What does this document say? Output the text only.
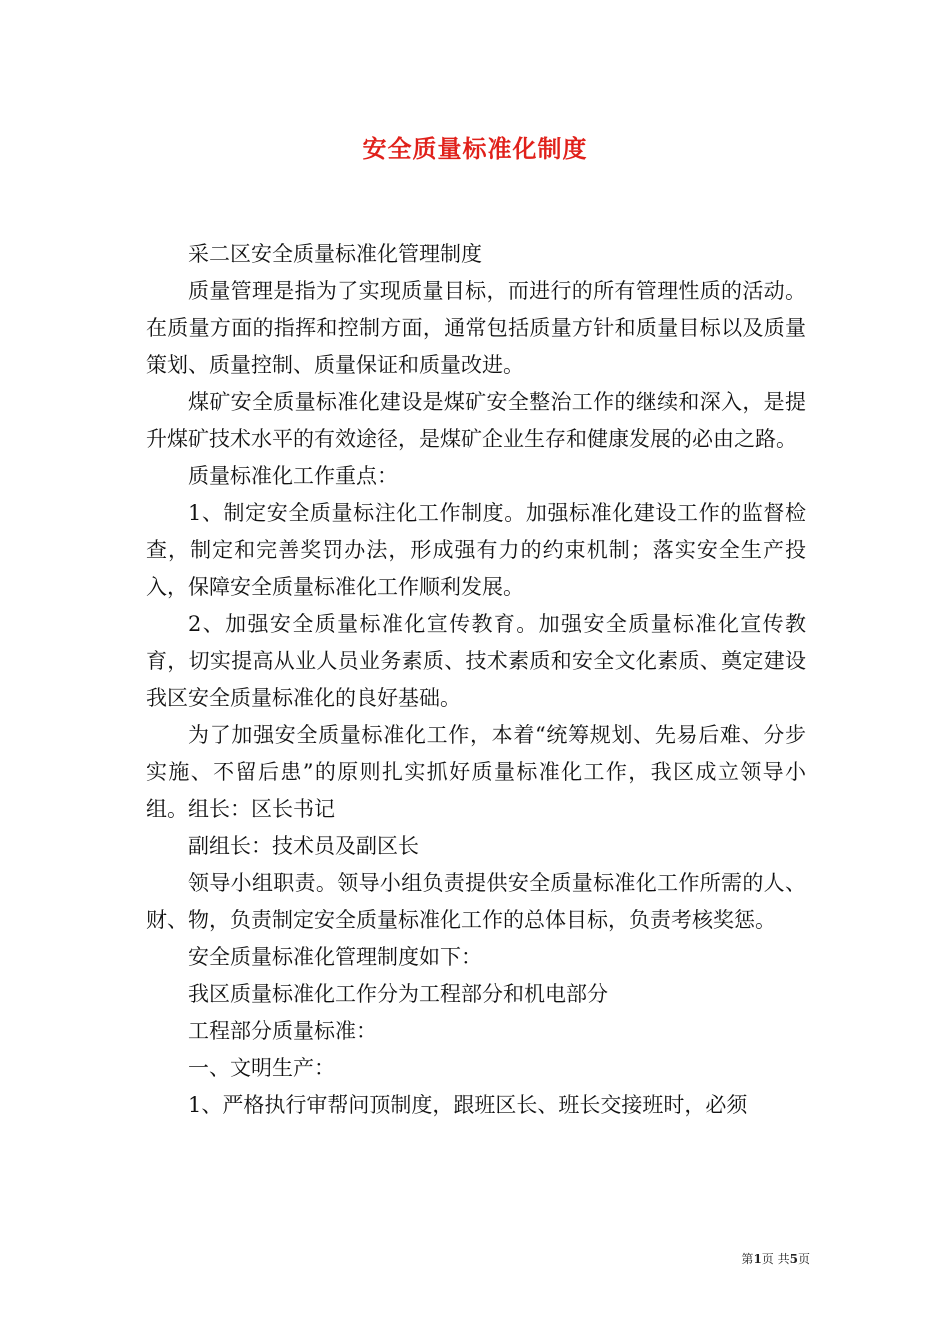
安全质量标准化制度

采二区安全质量标准化管理制度

质量管理是指为了实现质量目标，而进行的所有管理性质的活动。在质量方面的指挥和控制方面，通常包括质量方针和质量目标以及质量策划、质量控制、质量保证和质量改进。

煤矿安全质量标准化建设是煤矿安全整治工作的继续和深入，是提升煤矿技术水平的有效途径，是煤矿企业生存和健康发展的必由之路。

质量标准化工作重点：

1、制定安全质量标注化工作制度。加强标准化建设工作的监督检查，制定和完善奖罚办法，形成强有力的约束机制；落实安全生产投入，保障安全质量标准化工作顺利发展。

2、加强安全质量标准化宣传教育。加强安全质量标准化宣传教育，切实提高从业人员业务素质、技术素质和安全文化素质、奠定建设我区安全质量标准化的良好基础。

为了加强安全质量标准化工作，本着“统筹规划、先易后难、分步实施、不留后患”的原则扎实抓好质量标准化工作，我区成立领导小组。组长：区长书记

副组长：技术员及副区长

领导小组职责。领导小组负责提供安全质量标准化工作所需的人、财、物，负责制定安全质量标准化工作的总体目标，负责考核奖惩。

安全质量标准化管理制度如下：

我区质量标准化工作分为工程部分和机电部分

工程部分质量标准：

一、文明生产：

1、严格执行审帮问顶制度，跟班区长、班长交接班时，必须

第1页 共5页
